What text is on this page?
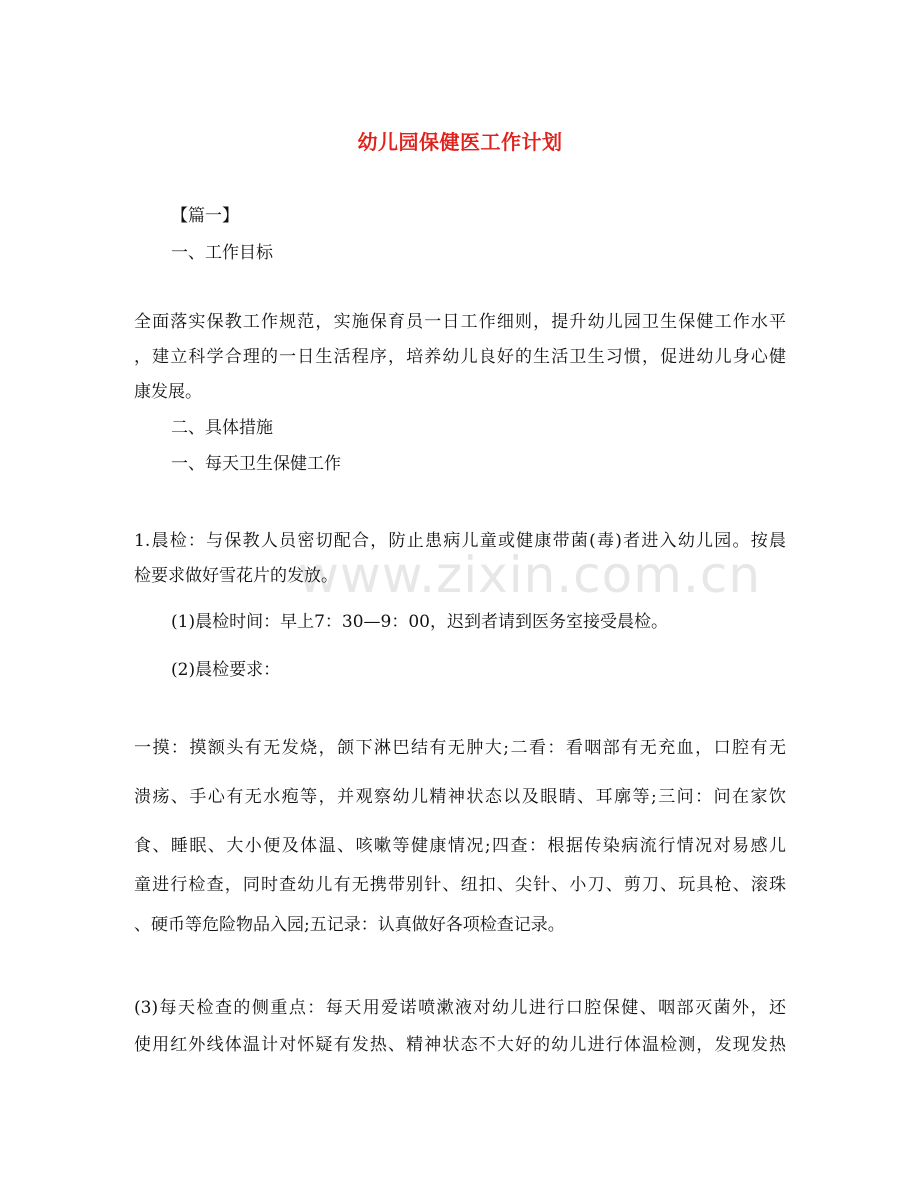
www.zixin.com.cn
幼儿园保健医工作计划
【篇一】
一、工作目标
全面落实保教工作规范，实施保育员一日工作细则，提升幼儿园卫生保健工作水平
，建立科学合理的一日生活程序，培养幼儿良好的生活卫生习惯，促进幼儿身心健
康发展。
二、具体措施
一、每天卫生保健工作
1.晨检：与保教人员密切配合，防止患病儿童或健康带菌(毒)者进入幼儿园。按晨
检要求做好雪花片的发放。
(1)晨检时间：早上7：30—9：00，迟到者请到医务室接受晨检。
(2)晨检要求：
一摸：摸额头有无发烧，颌下淋巴结有无肿大;二看：看咽部有无充血，口腔有无
溃疡、手心有无水疱等，并观察幼儿精神状态以及眼睛、耳廓等;三问：问在家饮
食、睡眠、大小便及体温、咳嗽等健康情况;四查：根据传染病流行情况对易感儿
童进行检查，同时查幼儿有无携带别针、纽扣、尖针、小刀、剪刀、玩具枪、滚珠
、硬币等危险物品入园;五记录：认真做好各项检查记录。
(3)每天检查的侧重点：每天用爱诺喷漱液对幼儿进行口腔保健、咽部灭菌外，还
使用红外线体温计对怀疑有发热、精神状态不大好的幼儿进行体温检测，发现发热
